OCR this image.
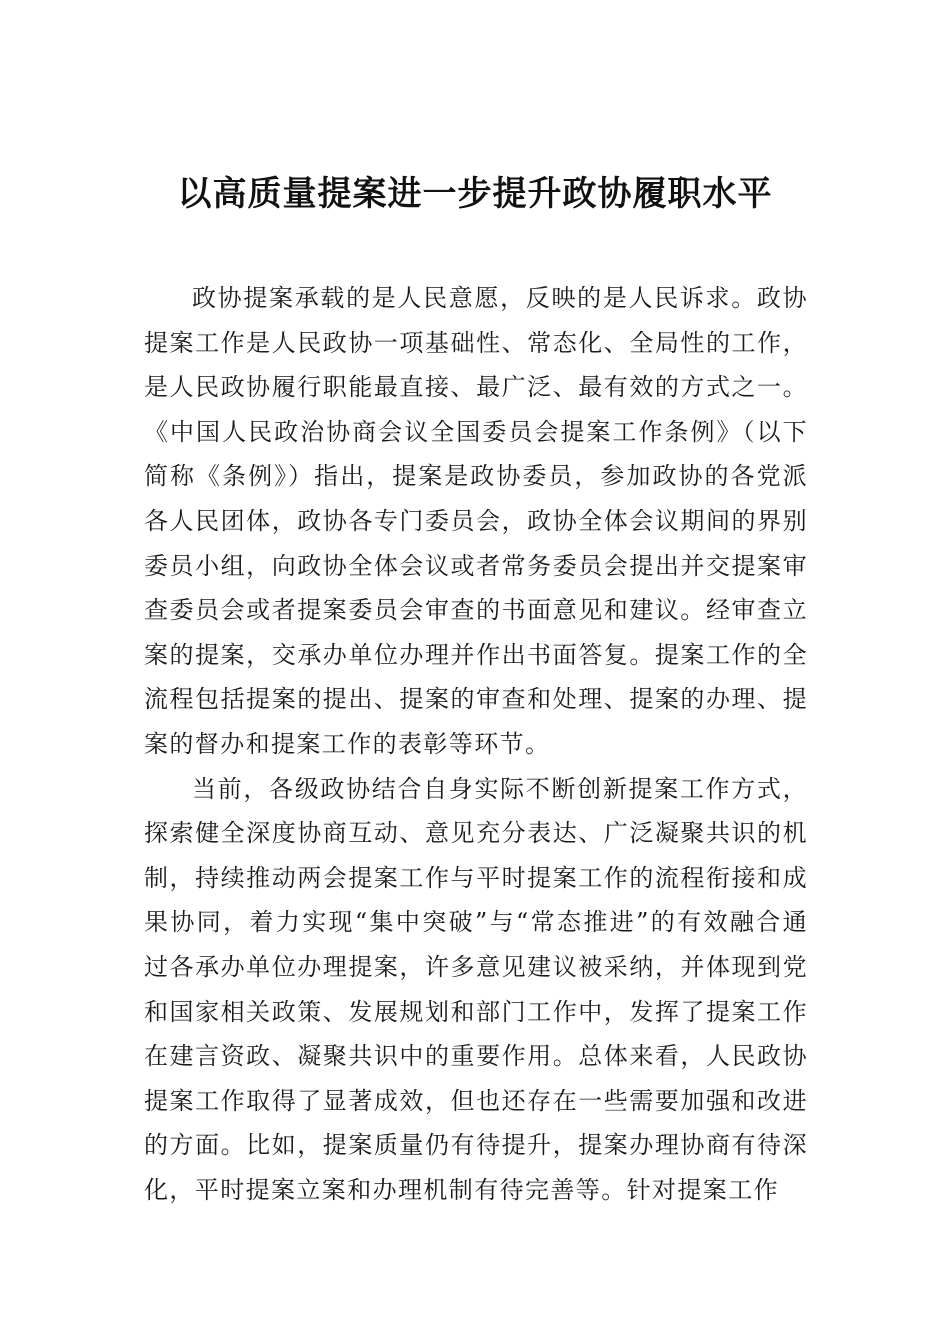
以高质量提案进一步提升政协履职水平

政协提案承载的是人民意愿，反映的是人民诉求。政协提案工作是人民政协一项基础性、常态化、全局性的工作，是人民政协履行职能最直接、最广泛、最有效的方式之一。《中国人民政治协商会议全国委员会提案工作条例》（以下简称《条例》）指出，提案是政协委员，参加政协的各党派各人民团体，政协各专门委员会，政协全体会议期间的界别委员小组，向政协全体会议或者常务委员会提出并交提案审查委员会或者提案委员会审查的书面意见和建议。经审查立案的提案，交承办单位办理并作出书面答复。提案工作的全流程包括提案的提出、提案的审查和处理、提案的办理、提案的督办和提案工作的表彰等环节。

当前，各级政协结合自身实际不断创新提案工作方式，探索健全深度协商互动、意见充分表达、广泛凝聚共识的机制，持续推动两会提案工作与平时提案工作的流程衔接和成果协同，着力实现“集中突破”与“常态推进”的有效融合通过各承办单位办理提案，许多意见建议被采纳，并体现到党和国家相关政策、发展规划和部门工作中，发挥了提案工作在建言资政、凝聚共识中的重要作用。总体来看，人民政协提案工作取得了显著成效，但也还存在一些需要加强和改进的方面。比如，提案质量仍有待提升，提案办理协商有待深化，平时提案立案和办理机制有待完善等。针对提案工作
